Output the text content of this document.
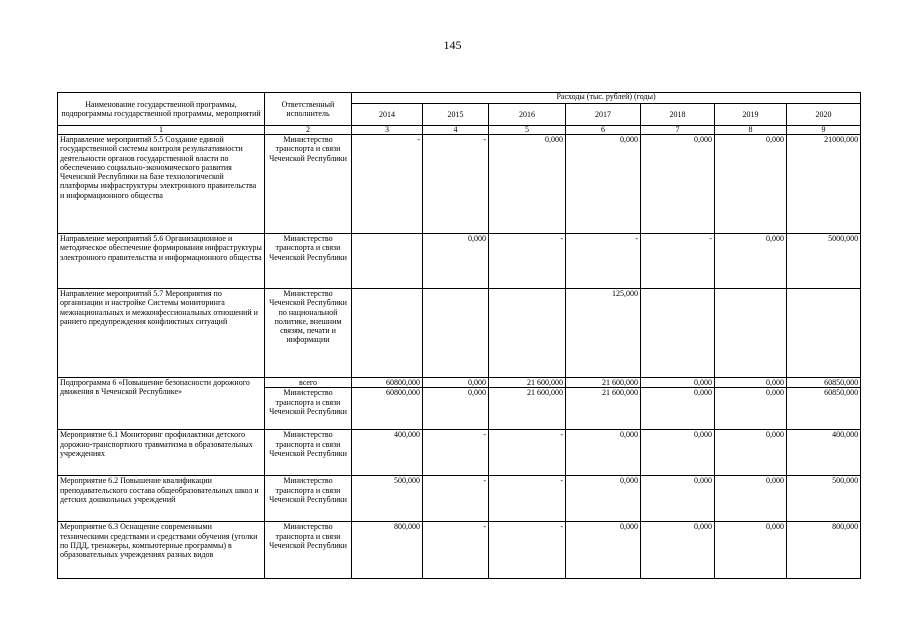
145
Наименование государственной программы, подпрограммы государственной программы, мероприятий	Ответственный исполнитель	Расходы (тыс. рублей) (годы)						
		2014	2015	2016	2017	2018	2019	2020
1	2	3	4	5	6	7	8	9
Направление мероприятий 5.5 Создание единой государственной системы контроля результативности деятельности органов государственной власти по обеспечению социально-экономического развития Чеченской Республики на базе технологической платформы инфраструктуры электронного правительства и информационного общества	Министерство транспорта и связи Чеченской Республики	-	-	0,000	0,000	0,000	0,000	21000,000
Направление мероприятий 5.6 Организационное и методическое обеспечение формирования инфраструктуры электронного правительства и информационного общества	Министерство транспорта и связи Чеченской Республики		0,000	-	-	-	0,000	5000,000
Направление мероприятий 5.7 Мероприятия по организации и настройке Системы мониторинга межнациональных и межконфессиональных отношений и раннего предупреждения конфликтных ситуаций	Министерство Чеченской Республики по национальной политике, внешним связям, печати и информации				125,000			
Подпрограмма 6 «Повышение безопасности дорожного движения в Чеченской Республике»	всего	60800,000	0,000	21 600,000	21 600,000	0,000	0,000	60850,000
	Министерство транспорта и связи Чеченской Республики	60800,000	0,000	21 600,000	21 600,000	0,000	0,000	60850,000
Мероприятие 6.1 Мониторинг профилактики детского дорожно-транспортного травматизма в образовательных учреждениях	Министерство транспорта и связи Чеченской Республики	400,000	-	-	0,000	0,000	0,000	400,000
Мероприятие 6.2 Повышение квалификации преподавательского состава общеобразовательных школ и детских дошкольных учреждений	Министерство транспорта и связи Чеченской Республики	500,000	-	-	0,000	0,000	0,000	500,000
Мероприятие 6.3 Оснащение современными техническими средствами и средствами обучения (уголки по ПДД, тренажеры, компьютерные программы) в образовательных учреждениях разных видов	Министерство транспорта и связи Чеченской Республики	800,000	-	-	0,000	0,000	0,000	800,000
